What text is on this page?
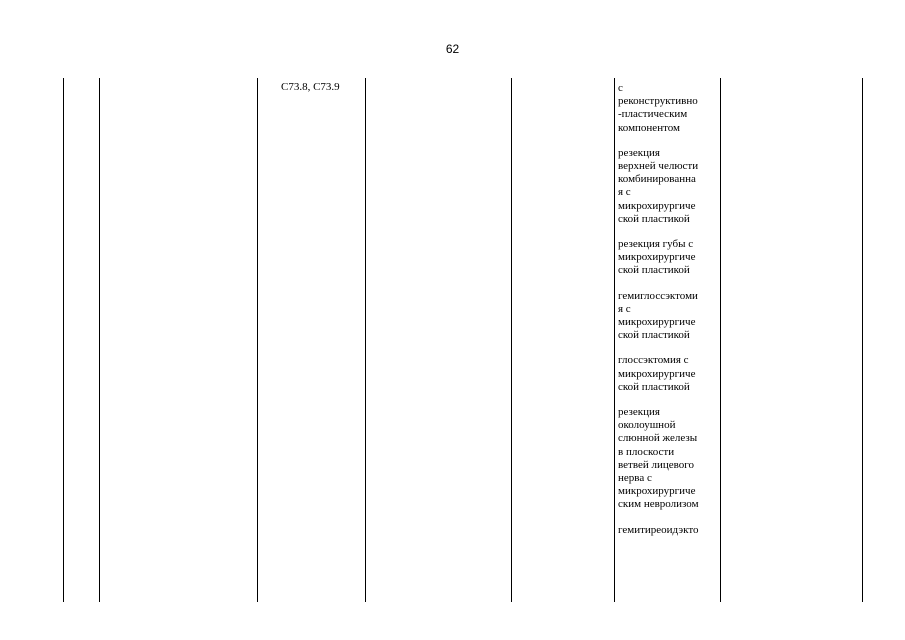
62
C73.8, C73.9	с
реконструктивно
-пластическим
компонентом
резекция
верхней челюсти
комбинированна
я с
микрохирургиче
ской пластикой
резекция губы с
микрохирургиче
ской пластикой
гемиглоссэктоми
я с
микрохирургиче
ской пластикой
глоссэктомия с
микрохирургиче
ской пластикой
резекция
околоушной
слюнной железы
в плоскости
ветвей лицевого
нерва с
микрохирургиче
ским невролизом
гемитиреоидэкто
